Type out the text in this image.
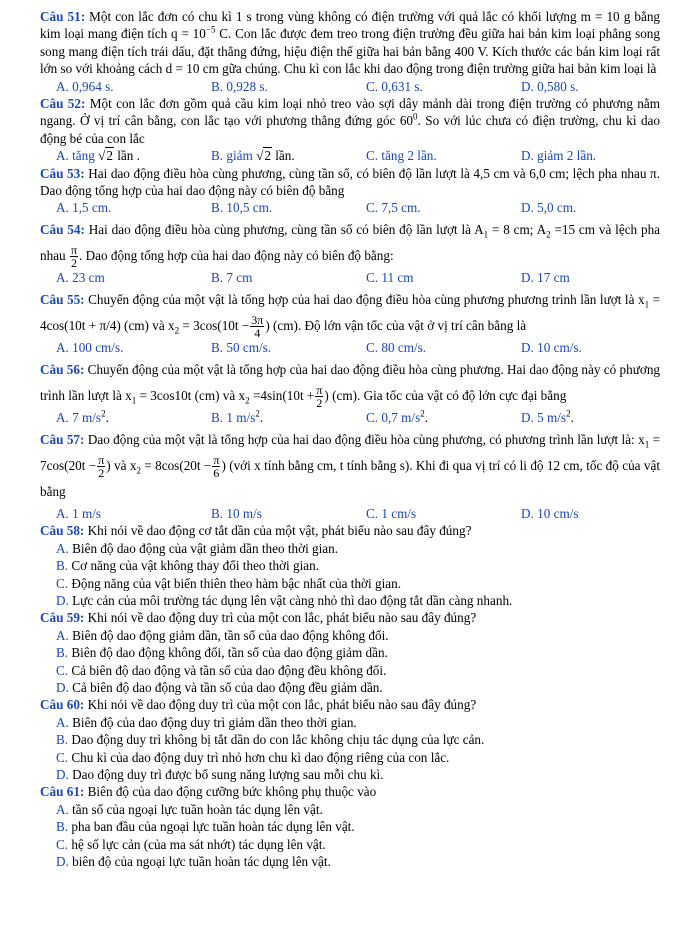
Câu 51: Một con lắc đơn có chu kì 1 s trong vùng không có điện trường với quả lắc có khối lượng m = 10 g bằng kim loại mang điện tích $q = 10^{-5}$ C. Con lắc được đem treo trong điện trường đều giữa hai bản kim loại phẳng song song mang điện tích trái dấu, đặt thẳng đứng, hiệu điện thế giữa hai bản bằng 400 V. Kích thước các bản kim loại rất lớn so với khoảng cách d = 10 cm gữa chúng. Chu kì con lắc khi dao động trong điện trường giữa hai bản kim loại là
A. 0,964 s.	B. 0,928 s.	C. 0,631 s.	D. 0,580 s.
Câu 52: Một con lắc đơn gồm quả cầu kim loại nhỏ treo vào sợi dây mảnh dài trong điện trường có phương nằm ngang. Ở vị trí cân bằng, con lắc tạo với phương thẳng đứng góc $60^0$. So với lúc chưa có điện trường, chu kì dao động bé của con lắc
A. tăng √2 lần .	B. giảm √2 lần.	C. tăng 2 lần.	D. giảm 2 lần.
Câu 53: Hai dao động điều hòa cùng phương, cùng tần số, có biên độ lần lượt là 4,5 cm và 6,0 cm; lệch pha nhau π. Dao động tổng hợp của hai dao động này có biên độ bằng
A. 1,5 cm.	B. 10,5 cm.	C. 7,5 cm.	D. 5,0 cm.
Câu 54: Hai dao động điều hòa cùng phương, cùng tần số có biên độ lần lượt là $A_1 = 8$ cm; $A_2 =15$ cm và lệch pha nhau $\frac{\pi}{2}$ . Dao động tổng hợp của hai dao động này có biên độ bằng:
A. 23 cm	B. 7 cm	C. 11 cm	D. 17 cm
Câu 55: Chuyển động của một vật là tổng hợp của hai dao động điều hòa cùng phương phương trình lần lượt là $x_1 = 4\cos(10t + \pi/4)$ (cm) và $x_2 = 3\cos(10t - \frac{3\pi}{4}$ ) (cm). Độ lớn vận tốc của vật ở vị trí cân bằng là
A. 100 cm/s.	B. 50 cm/s.	C. 80 cm/s.	D. 10 cm/s.
Câu 56: Chuyển động của một vật là tổng hợp của hai dao động điều hòa cùng phương. Hai dao động này có phương trình lần lượt là $x_1 = 3\cos 10t$ (cm) và $x_2 =4\sin(10t + \frac{\pi}{2}$ ) (cm). Gia tốc của vật có độ lớn cực đại bằng
A. 7 $m/s^2$.	B. 1 $m/s^2$.	C. 0,7 $m/s^2$.	D. 5 $m/s^2$.
Câu 57: Dao động của một vật là tổng hợp của hai dao động điều hòa cùng phương, có phương trình lần lượt là: $x_1 = 7\cos(20t - \frac{\pi}{2}$ ) và $x_2 = 8\cos(20t - \frac{\pi}{6}$ ) (với x tính bằng cm, t tính bằng s). Khi đi qua vị trí có li độ 12 cm, tốc độ của vật bằng
A. 1 m/s	B. 10 m/s	C. 1 cm/s	D. 10 cm/s
Câu 58: Khi nói về dao động cơ tắt dần của một vật, phát biểu nào sau đây đúng?
A. Biên độ dao động của vật giảm dần theo thời gian.
B. Cơ năng của vật không thay đổi theo thời gian.
C. Động năng của vật biến thiên theo hàm bậc nhất của thời gian.
D. Lực cản của môi trường tác dụng lên vật càng nhỏ thì dao động tắt dần càng nhanh.
Câu 59: Khi nói về dao động duy trì của một con lắc, phát biểu nào sau đây đúng?
A. Biên độ dao động giảm dần, tần số của dao động không đổi.
B. Biên độ dao động không đổi, tần số của dao động giảm dần.
C. Cả biên độ dao động và tần số của dao động đều không đổi.
D. Cả biên độ dao động và tần số của dao động đều giảm dần.
Câu 60: Khi nói về dao động duy trì của một con lắc, phát biểu nào sau đây đúng?
A. Biên độ của dao động duy trì giảm dần theo thời gian.
B. Dao động duy trì không bị tắt dần do con lắc không chịu tác dụng của lực cản.
C. Chu kì của dao động duy trì nhỏ hơn chu kì dao động riêng của con lắc.
D. Dao động duy trì được bổ sung năng lượng sau mỗi chu kì.
Câu 61: Biên độ của dao động cưỡng bức không phụ thuộc vào
A. tần số của ngoại lực tuần hoàn tác dụng lên vật.
B. pha ban đầu của ngoại lực tuần hoàn tác dụng lên vật.
C. hệ số lực cản (của ma sát nhớt) tác dụng lên vật.
D. biên độ của ngoại lực tuần hoàn tác dụng lên vật.
